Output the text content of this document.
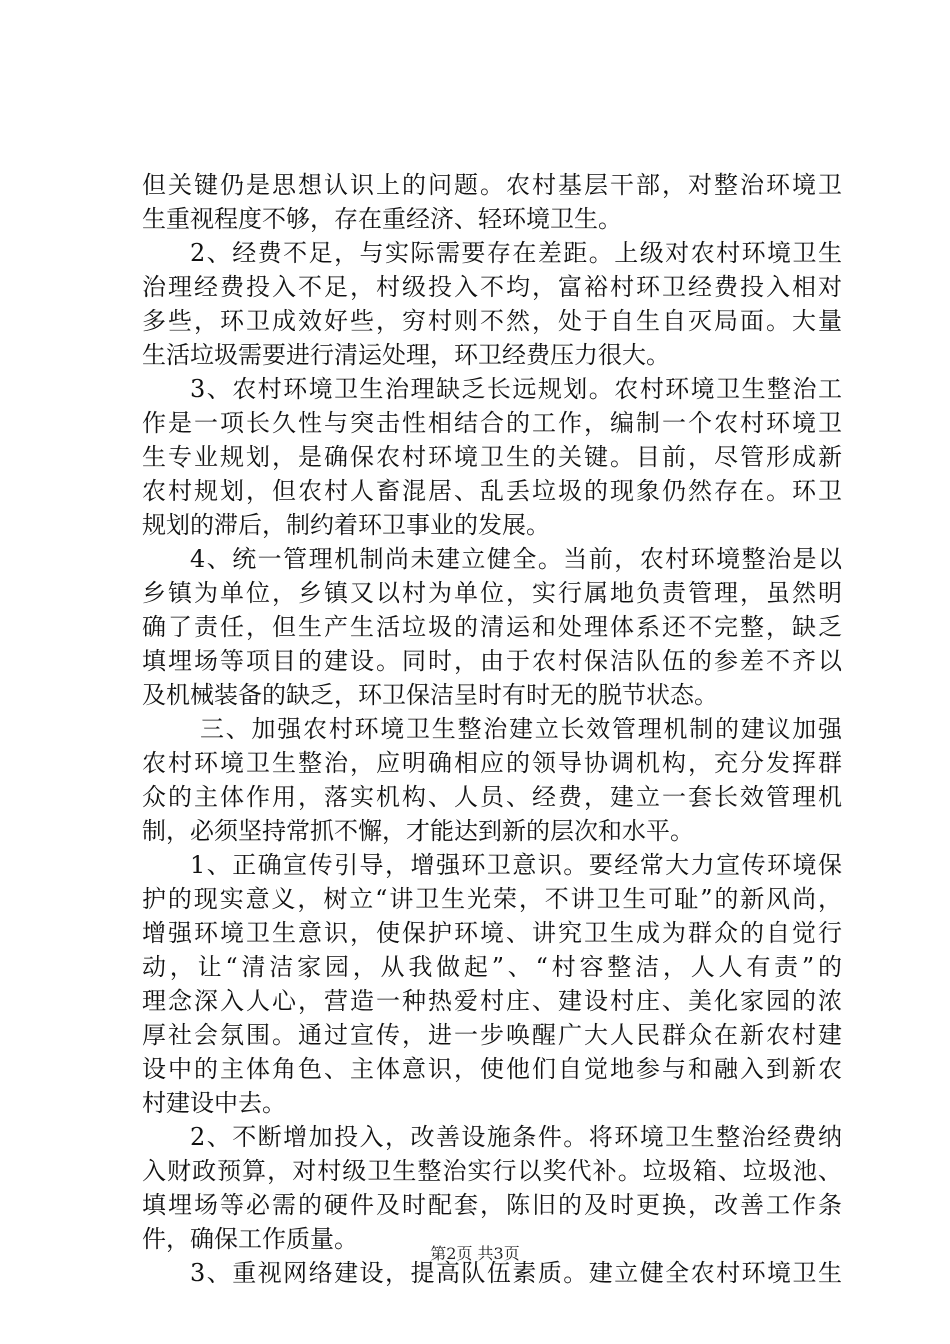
但关键仍是思想认识上的问题。农村基层干部，对整治环境卫
生重视程度不够，存在重经济、轻环境卫生。
2、经费不足，与实际需要存在差距。上级对农村环境卫生
治理经费投入不足，村级投入不均，富裕村环卫经费投入相对
多些，环卫成效好些，穷村则不然，处于自生自灭局面。大量
生活垃圾需要进行清运处理，环卫经费压力很大。
3、农村环境卫生治理缺乏长远规划。农村环境卫生整治工
作是一项长久性与突击性相结合的工作，编制一个农村环境卫
生专业规划，是确保农村环境卫生的关键。目前，尽管形成新
农村规划，但农村人畜混居、乱丢垃圾的现象仍然存在。环卫
规划的滞后，制约着环卫事业的发展。
4、统一管理机制尚未建立健全。当前，农村环境整治是以
乡镇为单位，乡镇又以村为单位，实行属地负责管理，虽然明
确了责任，但生产生活垃圾的清运和处理体系还不完整，缺乏
填埋场等项目的建设。同时，由于农村保洁队伍的参差不齐以
及机械装备的缺乏，环卫保洁呈时有时无的脱节状态。
三、加强农村环境卫生整治建立长效管理机制的建议加强
农村环境卫生整治，应明确相应的领导协调机构，充分发挥群
众的主体作用，落实机构、人员、经费，建立一套长效管理机
制，必须坚持常抓不懈，才能达到新的层次和水平。
1、正确宣传引导，增强环卫意识。要经常大力宣传环境保
护的现实意义，树立“讲卫生光荣，不讲卫生可耻”的新风尚，
增强环境卫生意识，使保护环境、讲究卫生成为群众的自觉行
动，让“清洁家园，从我做起”、“村容整洁，人人有责”的
理念深入人心，营造一种热爱村庄、建设村庄、美化家园的浓
厚社会氛围。通过宣传，进一步唤醒广大人民群众在新农村建
设中的主体角色、主体意识，使他们自觉地参与和融入到新农
村建设中去。
2、不断增加投入，改善设施条件。将环境卫生整治经费纳
入财政预算，对村级卫生整治实行以奖代补。垃圾箱、垃圾池、
填埋场等必需的硬件及时配套，陈旧的及时更换，改善工作条
件，确保工作质量。
3、重视网络建设，提高队伍素质。建立健全农村环境卫生
第2页 共3页
